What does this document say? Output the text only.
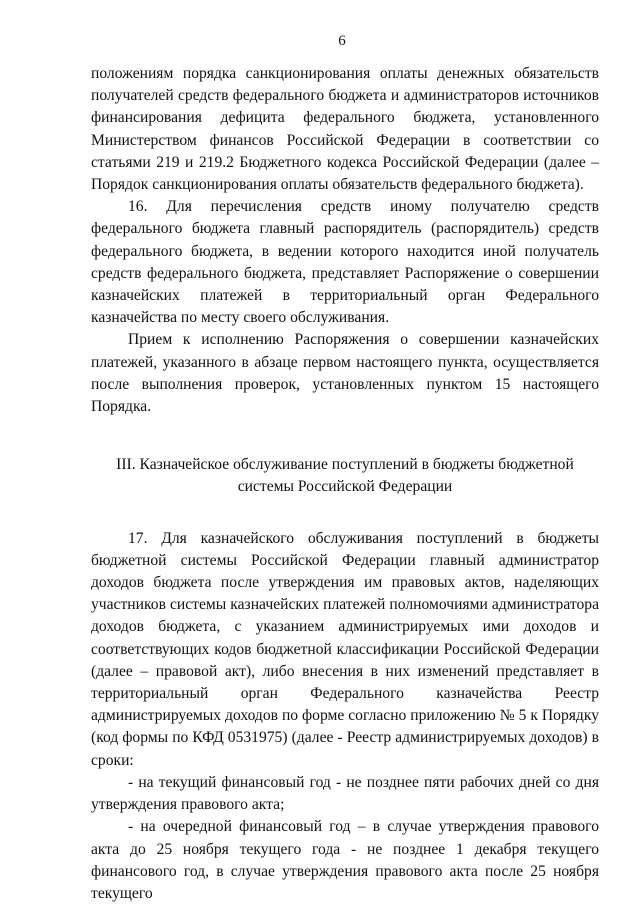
6

положениям порядка санкционирования оплаты денежных обязательств получателей средств федерального бюджета и администраторов источников финансирования дефицита федерального бюджета, установленного Министерством финансов Российской Федерации в соответствии со статьями 219 и 219.2 Бюджетного кодекса Российской Федерации (далее – Порядок санкционирования оплаты обязательств федерального бюджета).

16. Для перечисления средств иному получателю средств федерального бюджета главный распорядитель (распорядитель) средств федерального бюджета, в ведении которого находится иной получатель средств федерального бюджета, представляет Распоряжение о совершении казначейских платежей в территориальный орган Федерального казначейства по месту своего обслуживания.

Прием к исполнению Распоряжения о совершении казначейских платежей, указанного в абзаце первом настоящего пункта, осуществляется после выполнения проверок, установленных пунктом 15 настоящего Порядка.

III. Казначейское обслуживание поступлений в бюджеты бюджетной
системы Российской Федерации

17. Для казначейского обслуживания поступлений в бюджеты бюджетной системы Российской Федерации главный администратор доходов бюджета после утверждения им правовых актов, наделяющих участников системы казначейских платежей полномочиями администратора доходов бюджета, с указанием администрируемых ими доходов и соответствующих кодов бюджетной классификации Российской Федерации (далее – правовой акт), либо внесения в них изменений представляет в территориальный орган Федерального казначейства Реестр администрируемых доходов по форме согласно приложению № 5 к Порядку (код формы по КФД 0531975) (далее - Реестр администрируемых доходов) в сроки:

- на текущий финансовый год - не позднее пяти рабочих дней со дня утверждения правового акта;

- на очередной финансовый год – в случае утверждения правового акта до 25 ноября текущего года - не позднее 1 декабря текущего финансового год, в случае утверждения правового акта после 25 ноября текущего
